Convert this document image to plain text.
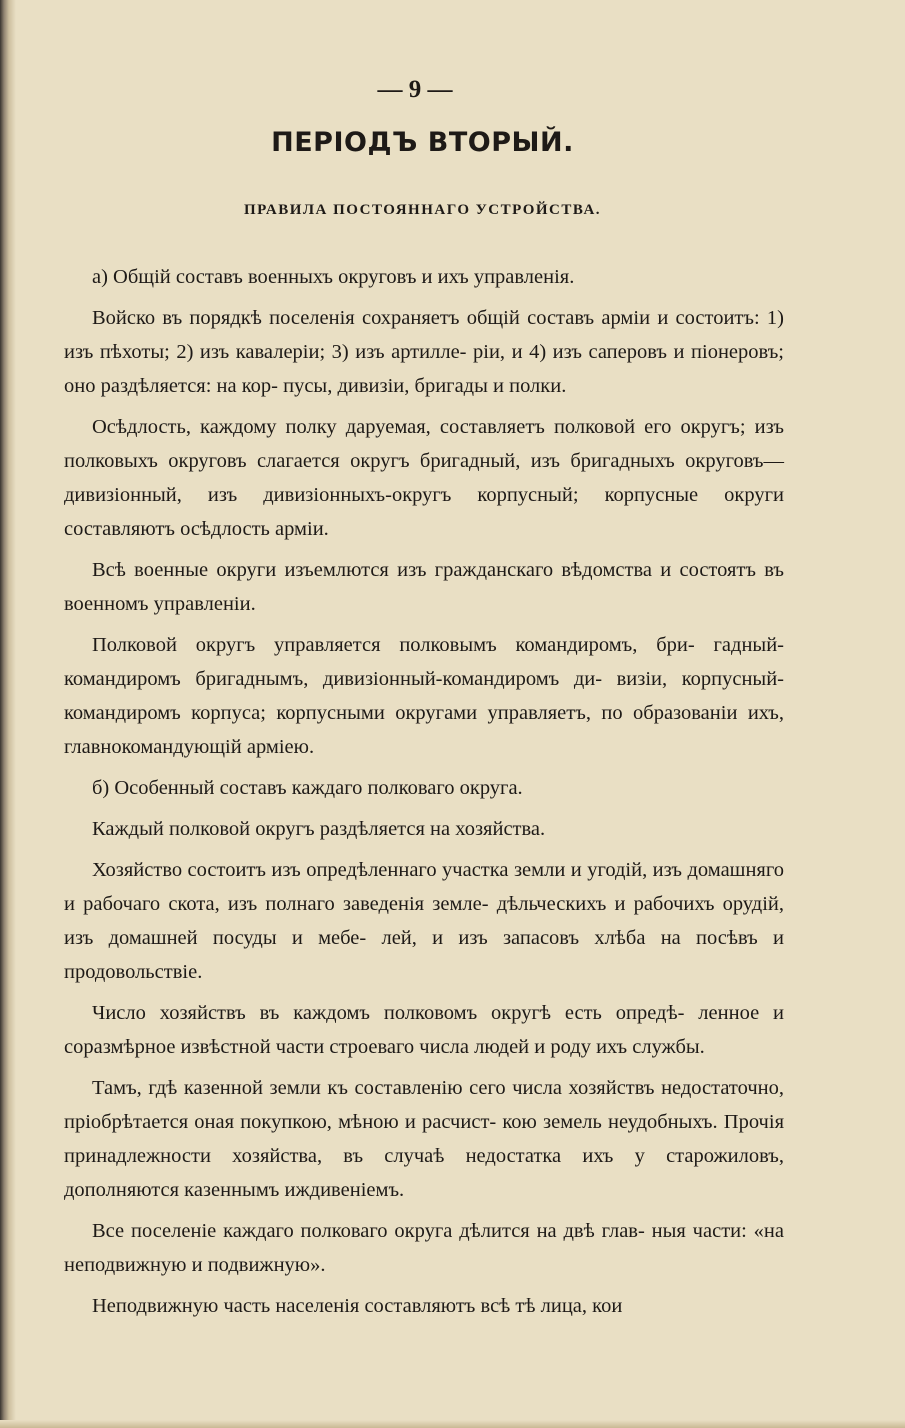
— 9 —
ПЕРІОДЪ ВТОРЫЙ.
ПРАВИЛА ПОСТОЯННАГО УСТРОЙСТВА.

а) Общій составъ военныхъ округовъ и ихъ управленія.

Войско въ порядкѣ поселенія сохраняетъ общій составъ арміи и состоитъ: 1) изъ пѣхоты; 2) изъ кавалеріи; 3) изъ артилле- ріи, и 4) изъ саперовъ и піонеровъ; оно раздѣляется: на кор- пусы, дивизіи, бригады и полки.

Осѣдлость, каждому полку даруемая, составляетъ полковой его округъ; изъ полковыхъ округовъ слагается округъ бригадный, изъ бригадныхъ округовъ—дивизіонный, изъ дивизіонныхъ-округъ корпусный; корпусные округи составляютъ осѣдлость арміи.

Всѣ военные округи изъемлются изъ гражданскаго вѣдомства и состоятъ въ военномъ управленіи.

Полковой округъ управляется полковымъ командиромъ, бри- гадный-командиромъ бригаднымъ, дивизіонный-командиромъ ди- визіи, корпусный-командиромъ корпуса; корпусными округами управляетъ, по образованіи ихъ, главнокомандующій арміею.

б) Особенный составъ каждаго полковаго округа.

Каждый полковой округъ раздѣляется на хозяйства.

Хозяйство состоитъ изъ опредѣленнаго участка земли и угодій, изъ домашняго и рабочаго скота, изъ полнаго заведенія земле- дѣльческихъ и рабочихъ орудій, изъ домашней посуды и мебе- лей, и изъ запасовъ хлѣба на посѣвъ и продовольствіе.

Число хозяйствъ въ каждомъ полковомъ округѣ есть опредѣ- ленное и соразмѣрное извѣстной части строеваго числа людей и роду ихъ службы.

Тамъ, гдѣ казенной земли къ составленію сего числа хозяйствъ недостаточно, пріобрѣтается оная покупкою, мѣною и расчист- кою земель неудобныхъ. Прочія принадлежности хозяйства, въ случаѣ недостатка ихъ у старожиловъ, дополняются казеннымъ иждивеніемъ.

Все поселеніе каждаго полковаго округа дѣлится на двѣ глав- ныя части: «на неподвижную и подвижную».

Неподвижную часть населенія составляютъ всѣ тѣ лица, кои
